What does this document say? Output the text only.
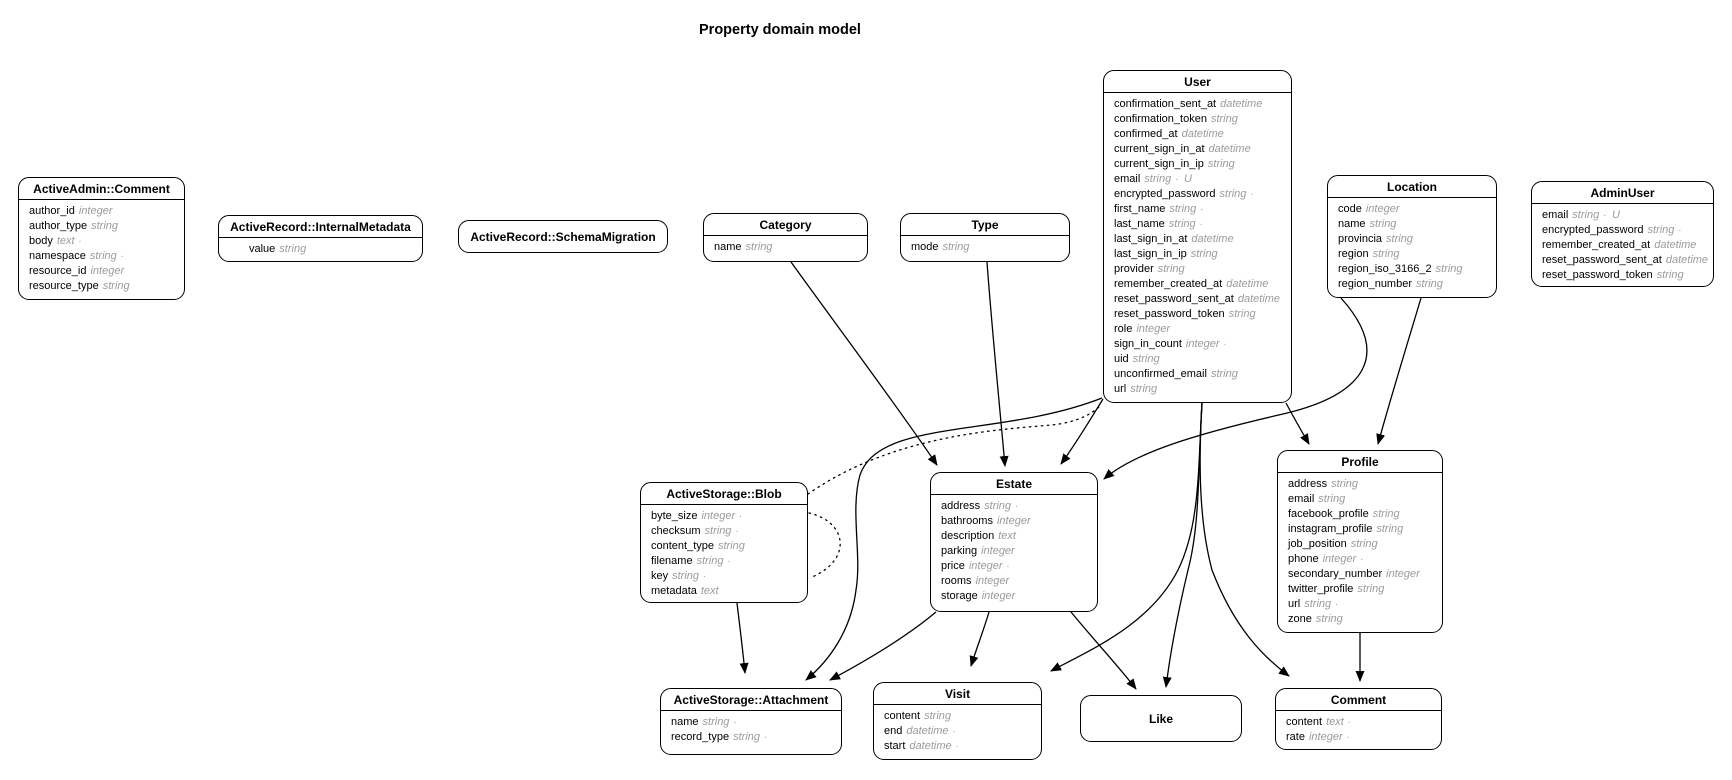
Property domain model
ActiveAdmin::Comment
author_id integer
author_type string
body text ∙
namespace string ∙
resource_id integer
resource_type string
ActiveRecord::InternalMetadata
value string
ActiveRecord::SchemaMigration
Category
name string
Type
mode string
User
confirmation_sent_at datetime
confirmation_token string
confirmed_at datetime
current_sign_in_at datetime
current_sign_in_ip string
email string ∙ U
encrypted_password string ∙
first_name string ∙
last_name string ∙
last_sign_in_at datetime
last_sign_in_ip string
provider string
remember_created_at datetime
reset_password_sent_at datetime
reset_password_token string
role integer
sign_in_count integer ∙
uid string
unconfirmed_email string
url string
Location
code integer
name string
provincia string
region string
region_iso_3166_2 string
region_number string
AdminUser
email string ∙ U
encrypted_password string ∙
remember_created_at datetime
reset_password_sent_at datetime
reset_password_token string
ActiveStorage::Blob
byte_size integer ∙
checksum string ∙
content_type string
filename string ∙
key string ∙
metadata text
Estate
address string ∙
bathrooms integer
description text
parking integer
price integer ∙
rooms integer
storage integer
Profile
address string
email string
facebook_profile string
instagram_profile string
job_position string
phone integer ∙
secondary_number integer
twitter_profile string
url string ∙
zone string
ActiveStorage::Attachment
name string ∙
record_type string ∙
Visit
content string
end datetime ∙
start datetime ∙
Like
Comment
content text ∙
rate integer ∙
